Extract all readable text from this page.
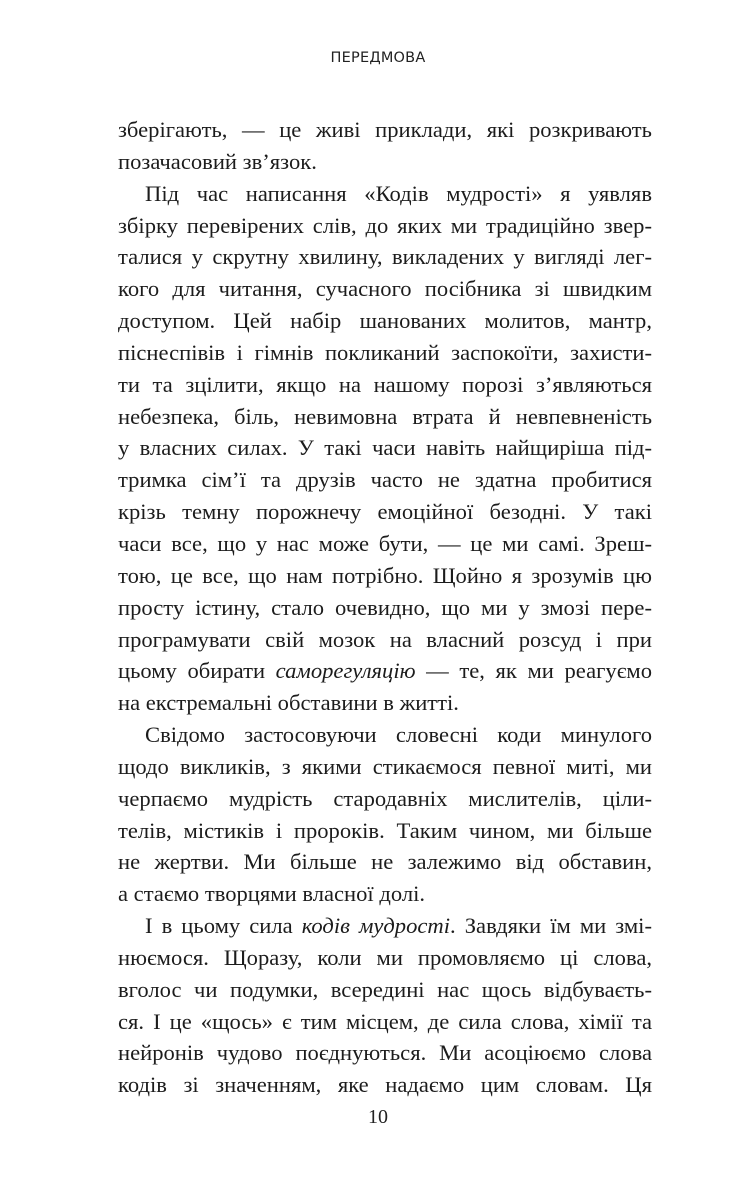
ПЕРЕДМОВА
зберігають, — це живі приклади, які розкривають
позачасовий зв’язок.
Під час написання «Кодів мудрості» я уявляв
збірку перевірених слів, до яких ми традиційно звер-
талися у скрутну хвилину, викладених у вигляді лег-
кого для читання, сучасного посібника зі швидким
доступом. Цей набір шанованих молитов, мантр,
піснеспівів і гімнів покликаний заспокоїти, захисти-
ти та зцілити, якщо на нашому порозі з’являються
небезпека, біль, невимовна втрата й невпевненість
у власних силах. У такі часи навіть найщиріша під-
тримка сім’ї та друзів часто не здатна пробитися
крізь темну порожнечу емоційної безодні. У такі
часи все, що у нас може бути, — це ми самі. Зреш-
тою, це все, що нам потрібно. Щойно я зрозумів цю
просту істину, стало очевидно, що ми у змозі пере-
програмувати свій мозок на власний розсуд і при
цьому обирати саморегуляцію — те, як ми реагуємо
на екстремальні обставини в житті.
Свідомо застосовуючи словесні коди минулого
щодо викликів, з якими стикаємося певної миті, ми
черпаємо мудрість стародавніх мислителів, ціли-
телів, містиків і пророків. Таким чином, ми більше
не жертви. Ми більше не залежимо від обставин,
а стаємо творцями власної долі.
І в цьому сила кодів мудрості. Завдяки їм ми змі-
нюємося. Щоразу, коли ми промовляємо ці слова,
вголос чи подумки, всередині нас щось відбуваєть-
ся. І це «щось» є тим місцем, де сила слова, хімії та
нейронів чудово поєднуються. Ми асоціюємо слова
кодів зі значенням, яке надаємо цим словам. Ця
10
